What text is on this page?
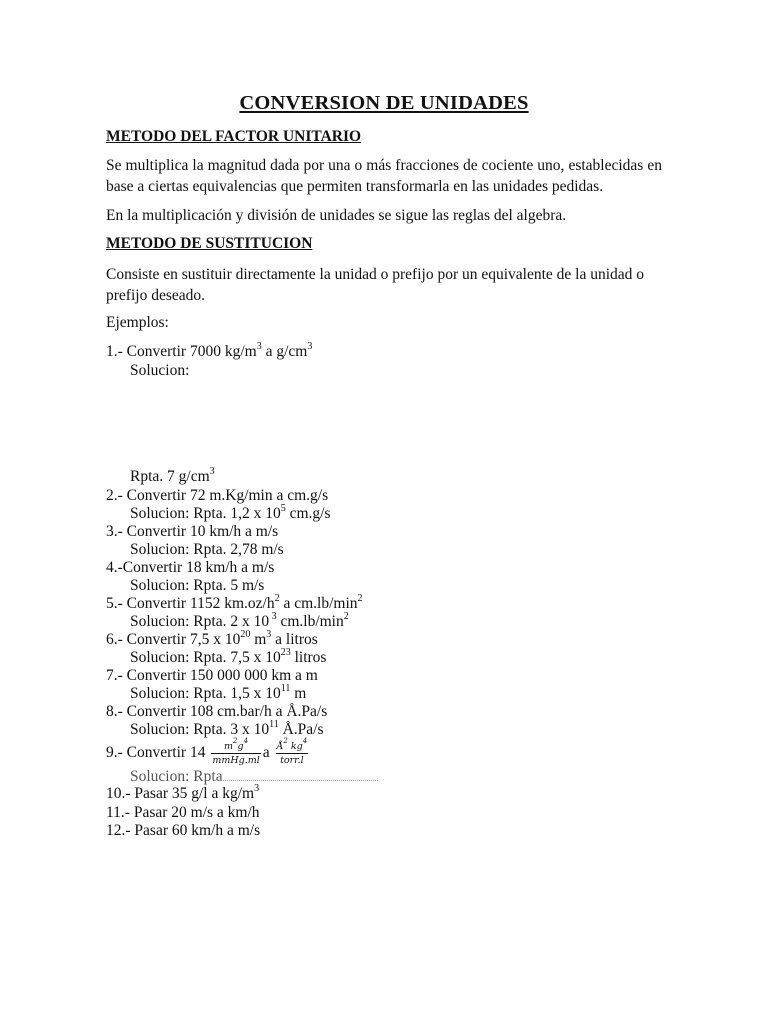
CONVERSION DE UNIDADES
METODO DEL FACTOR UNITARIO
Se multiplica la magnitud dada por una o más fracciones de cociente uno, establecidas en base a ciertas equivalencias que permiten transformarla en las unidades pedidas.
En la multiplicación y división de unidades se sigue las reglas del algebra.
METODO DE SUSTITUCION
Consiste en sustituir directamente la unidad o prefijo por un equivalente de la unidad o prefijo deseado.
Ejemplos:
1.- Convertir 7000 $kg/m^3$ a $g/cm^3$
Solucion:
Rpta. 7 $g/cm^3$
2.- Convertir 72 m.Kg/min a cm.g/s
Solucion: Rpta. 1,2 x $10^5$ cm.g/s
3.- Convertir 10 km/h a m/s
Solucion: Rpta. 2,78 m/s
4.-Convertir 18 km/h a m/s
Solucion: Rpta. 5 m/s
5.- Convertir 1152 $km.oz/h^2$ a $cm.lb/\min^2$
Solucion: Rpta. 2 x 10 $^3$ $cm.lb/\min^2$
6.- Convertir 7,5 x $10^{20}$ $m^3$ a litros
Solucion: Rpta. 7,5 x $10^{23}$ litros
7.- Convertir 150 000 000 km a m
Solucion: Rpta. 1,5 x $10^{11}$ m
8.- Convertir 108 cm.bar/h a Å.Pa/s
Solucion: Rpta. 3 x $10^{11}$ Å.Pa/s
9.- Convertir $14 \frac{m^2g^4}{\text{mmHg.ml}}$ a $\frac{Å^2 kg^4}{\text{torr.l}}$
Solucion: Rpta
10.- Pasar 35 g/l a $kg/m^3$
11.- Pasar 20 m/s a km/h
12.- Pasar 60 km/h a m/s
